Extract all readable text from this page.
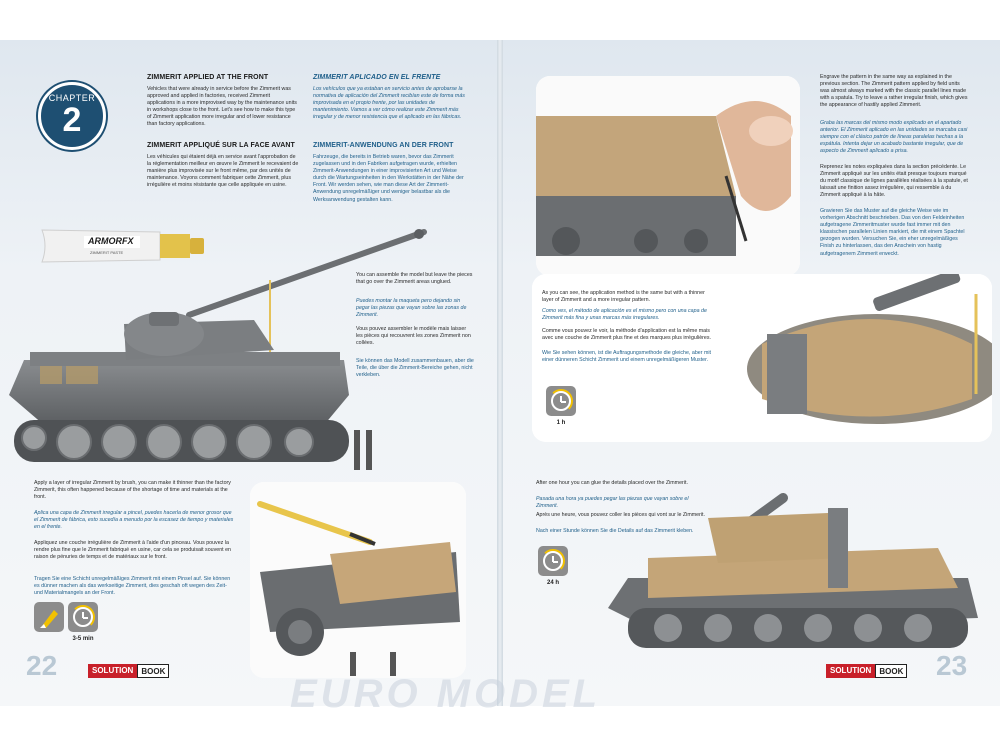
CHAPTER
2

ZIMMERIT APPLIED AT THE FRONT

Vehicles that were already in service before the Zimmerit was approved and applied in factories, received Zimmerit applications in a more improvised way by the maintenance units in workshops close to the front. Let's see how to make this type of Zimmerit application more irregular and of lower resistance than factory applications.

ZIMMERIT APPLIQUÉ SUR LA FACE AVANT

Les véhicules qui étaient déjà en service avant l'approbation de la réglementation meilleur en œuvre le Zimmerit le recevaient de manière plus improvisée sur le front même, par des unités de maintenance. Voyons comment fabriquer cette Zimmerit, plus irrégulière et moins résistante que celle appliquée en usine.

ZIMMERIT APLICADO EN EL FRENTE

Los vehículos que ya estaban en servicio antes de aprobarse la normativa de aplicación del Zimmerit recibían este de forma más improvisada en el propio frente, por las unidades de mantenimiento. Vamos a ver cómo realizar este Zimmerit más irregular y de menor resistencia que el aplicado en las fábricas.

ZIMMERIT-ANWENDUNG AN DER FRONT

Fahrzeuge, die bereits in Betrieb waren, bevor das Zimmerit zugelassen und in den Fabriken aufgetragen wurde, erhielten Zimmerit-Anwendungen in einer improvisierten Art und Weise durch die Wartungseinheiten in den Werkstätten in der Nähe der Front. Wir werden sehen, wie man diese Art der Zimmerit-Anwendung unregelmäßiger und weniger belastbar als die Werksanwendung gestalten kann.

ARMORFX
ZIMMERIT PASTE

You can assemble the model but leave the pieces that go over the Zimmerit areas unglued.

Puedes montar la maqueta pero dejando sin pegar las piezas que vayan sobre las zonas de Zimmerit.

Vous pouvez assembler le modèle mais laisser les pièces qui recouvrent les zones Zimmerit non collées.

Sie können das Modell zusammenbauen, aber die Teile, die über die Zimmerit-Bereiche gehen, nicht verkleben.

Apply a layer of irregular Zimmerit by brush, you can make it thinner than the factory Zimmerit, this often happened because of the shortage of time and materials at the front.

Aplica una capa de Zimmerit irregular a pincel, puedes hacerla de menor grosor que el Zimmerit de fábrica, esto sucedía a menudo por la escasez de tiempo y materiales en el frente.

Appliquez une couche irrégulière de Zimmerit à l'aide d'un pinceau. Vous pouvez la rendre plus fine que le Zimmerit fabriqué en usine, car cela se produisait souvent en raison de pénuries de temps et de matériaux sur le front.

Tragen Sie eine Schicht unregelmäßiges Zimmerit mit einem Pinsel auf. Sie können es dünner machen als das werkseitige Zimmerit, dies geschah oft wegen des Zeit- und Materialmangels an der Front.

3-5 min
22	SOLUTION	BOOK

Engrave the pattern in the same way as explained in the previous section. The Zimmerit pattern applied by field units was almost always marked with the classic parallel lines made with a spatula. Try to leave a rather irregular finish, which gives the appearance of hastily applied Zimmerit.

Graba las marcas del mismo modo explicado en el apartado anterior. El Zimmerit aplicado en las unidades se marcaba casi siempre con el clásico patrón de líneas paralelas hechas a la espátula. Intenta dejar un acabado bastante irregular, que de aspecto de Zimmerit aplicado a prisa.

Reprenez les notes expliquées dans la section précédente. Le Zimmerit appliqué sur les unités était presque toujours marqué du motif classique de lignes parallèles réalisées à la spatule, et laissait une finition assez irrégulière, qui ressemble à du Zimmerit appliqué à la hâte.

Gravieren Sie das Muster auf die gleiche Weise wie im vorherigen Abschnitt beschrieben. Das von den Feldeinheiten aufgetragene Zimmeritmuster wurde fast immer mit den klassischen parallelen Linien markiert, die mit einem Spachtel gezogen wurden. Versuchen Sie, ein eher unregelmäßiges Finish zu hinterlassen, das den Anschein von hastig aufgetragenem Zimmerit erweckt.

As you can see, the application method is the same but with a thinner layer of Zimmerit and a more irregular pattern.

Como ves, el método de aplicación es el mismo pero con una capa de Zimmerit más fina y unas marcas más irregulares.

Comme vous pouvez le voir, la méthode d'application est la même mais avec une couche de Zimmerit plus fine et des marques plus irrégulières.

Wie Sie sehen können, ist die Auftragungsmethode die gleiche, aber mit einer dünneren Schicht Zimmerit und einem unregelmäßigeren Muster.

1 h

After one hour you can glue the details placed over the Zimmerit.

Pasada una hora ya puedes pegar las piezas que vayan sobre el Zimmerit.

Après une heure, vous pouvez coller les pièces qui vont sur le Zimmerit.

Nach einer Stunde können Sie die Details auf das Zimmerit kleben.

24 h
23
SOLUTION	BOOK
EURO MODEL
